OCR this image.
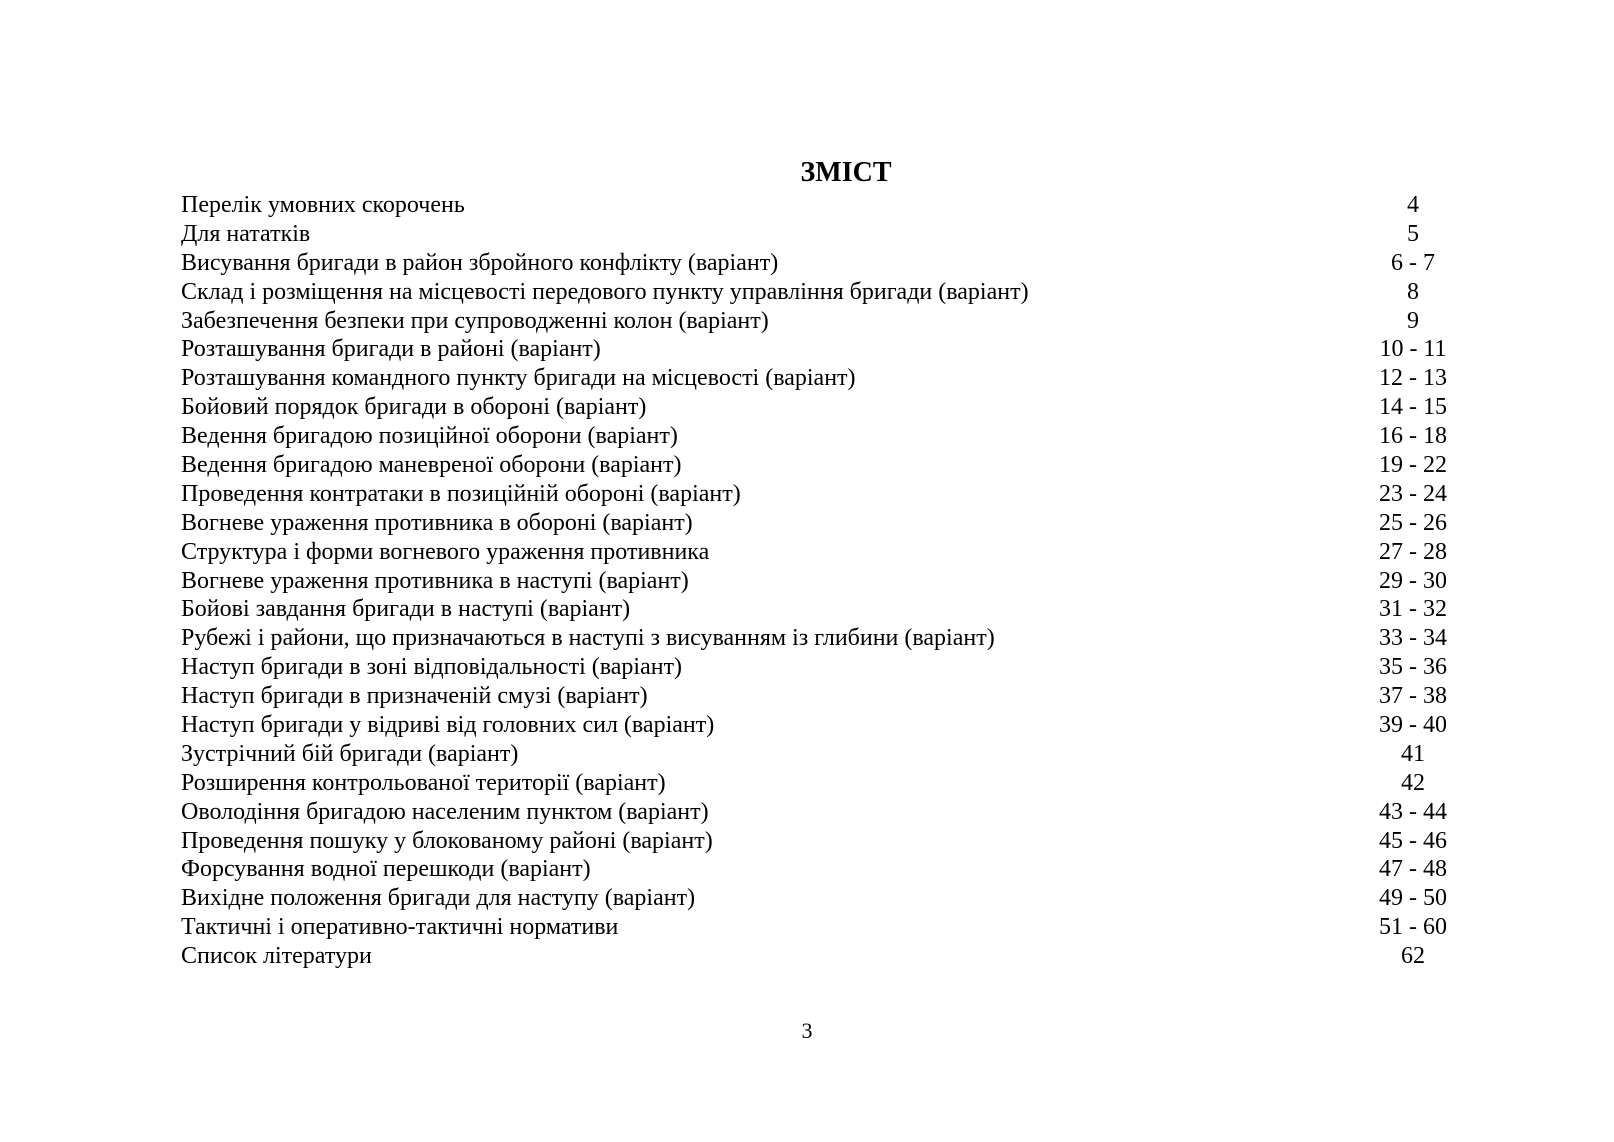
ЗМІСТ
Перелік умовних скорочень	4
Для нататкiв	5
Висування бригади в район збройного конфлікту (варіант)	6 - 7
Склад і розміщення на місцевості передового пункту управління бригади (варіант)	8
Забезпечення безпеки при супроводженні колон (варіант)	9
Розташування бригади в районі (варіант)	10 - 11
Розташування командного пункту бригади на місцевості (варіант)	12 - 13
Бойовий порядок бригади в обороні (варіант)	14 - 15
Ведення бригадою позиційної оборони (варіант)	16 - 18
Ведення бригадою маневреної оборони (варіант)	19 - 22
Проведення контратаки в позиційній обороні (варіант)	23 - 24
Вогневе ураження противника в обороні (варіант)	25 - 26
Структура і форми вогневого ураження противника	27 - 28
Вогневе ураження противника в наступі (варіант)	29 - 30
Бойові завдання бригади в наступі (варіант)	31 - 32
Рубежі і райони, що призначаються в наступі з висуванням із глибини (варіант)	33 - 34
Наступ бригади в зоні відповідальності (варіант)	35 - 36
Наступ бригади в призначеній смузі (варіант)	37 - 38
Наступ бригади у відриві від головних сил (варіант)	39 - 40
Зустрічний бій бригади (варіант)	41
Розширення контрольованої території (варіант)	42
Оволодіння бригадою населеним пунктом (варіант)	43 - 44
Проведення пошуку у блокованому районі (варіант)	45 - 46
Форсування водної перешкоди (варіант)	47 - 48
Вихідне положення бригади для наступу (варіант)	49 - 50
Тактичні і оперативно-тактичні нормативи	51 - 60
Список літератури	62
3
